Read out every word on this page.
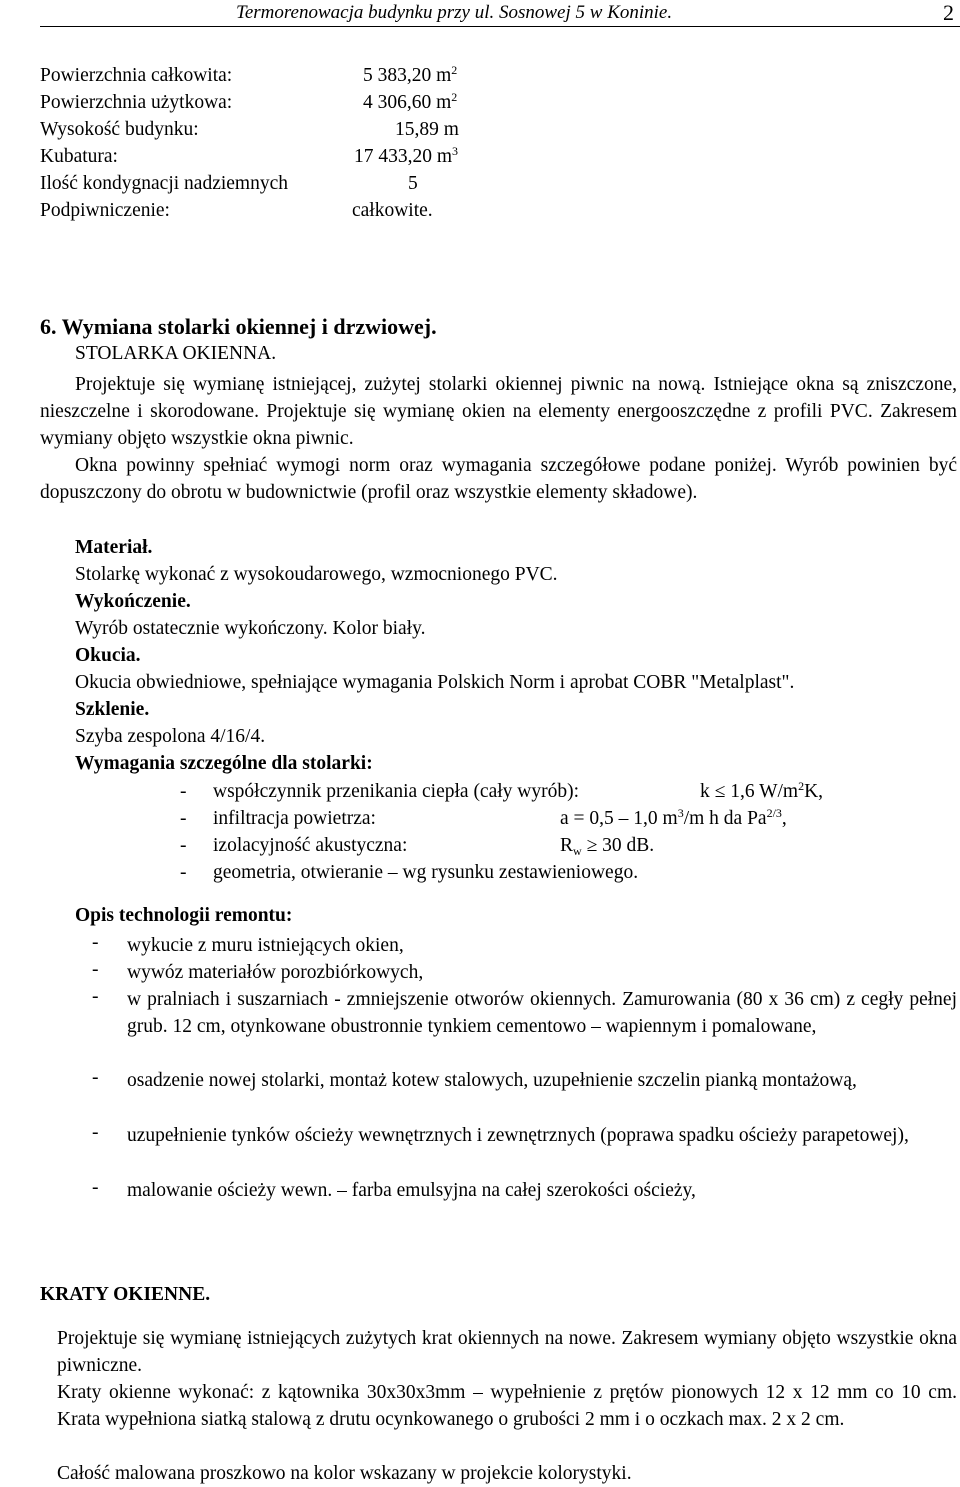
Termorenowacja budynku przy ul. Sosnowej 5 w Koninie.	2
Powierzchnia całkowita:	5 383,20 $m^2$
Powierzchnia użytkowa:	4 306,60 $m^2$
Wysokość budynku:	15,89 m
Kubatura:	17 433,20 $m^3$
Ilość kondygnacji nadziemnych	5
Podpiwniczenie:	całkowite.
6. Wymiana stolarki okiennej i drzwiowej.
STOLARKA OKIENNA.
Projektuje się wymianę istniejącej, zużytej stolarki okiennej piwnic na nową. Istniejące okna są zniszczone, nieszczelne i skorodowane. Projektuje się wymianę okien na elementy energooszczędne z profili PVC. Zakresem wymiany objęto wszystkie okna piwnic.
Okna powinny spełniać wymogi norm oraz wymagania szczegółowe podane poniżej. Wyrób powinien być dopuszczony do obrotu w budownictwie (profil oraz wszystkie elementy składowe).
Materiał.
Stolarkę wykonać z wysokoudarowego, wzmocnionego PVC.
Wykończenie.
Wyrób ostatecznie wykończony. Kolor biały.
Okucia.
Okucia obwiedniowe, spełniające wymagania Polskich Norm i aprobat COBR "Metalplast".
Szklenie.
Szyba zespolona 4/16/4.
Wymagania szczególne dla stolarki:
- współczynnik przenikania ciepła (cały wyrób):	k ≤ 1,6 $W/m^2K$,
- infiltracja powietrza:	a = 0,5 – 1,0 $m^3/m$ h da $Pa^{2/3}$,
- izolacyjność akustyczna:	$R_w \ge 30$ dB.
- geometria, otwieranie – wg rysunku zestawieniowego.
Opis technologii remontu:
- wykucie z muru istniejących okien,
- wywóz materiałów porozbiórkowych,
- w pralniach i suszarniach - zmniejszenie otworów okiennych. Zamurowania (80 x 36 cm) z cegły pełnej grub. 12 cm, otynkowane obustronnie tynkiem cementowo – wapiennym i pomalowane,
- osadzenie nowej stolarki, montaż kotew stalowych, uzupełnienie szczelin pianką montażową,
- uzupełnienie tynków ościeży wewnętrznych i zewnętrznych (poprawa spadku ościeży parapetowej),
- malowanie ościeży wewn. – farba emulsyjna na całej szerokości ościeży,
KRATY OKIENNE.
Projektuje się wymianę istniejących zużytych krat okiennych na nowe. Zakresem wymiany objęto wszystkie okna piwniczne.
Kraty okienne wykonać: z kątownika 30x30x3mm – wypełnienie z prętów pionowych 12 x 12 mm co 10 cm. Krata wypełniona siatką stalową z drutu ocynkowanego o grubości 2 mm i o oczkach max. 2 x 2 cm.
Całość malowana proszkowo na kolor wskazany w projekcie kolorystyki.
